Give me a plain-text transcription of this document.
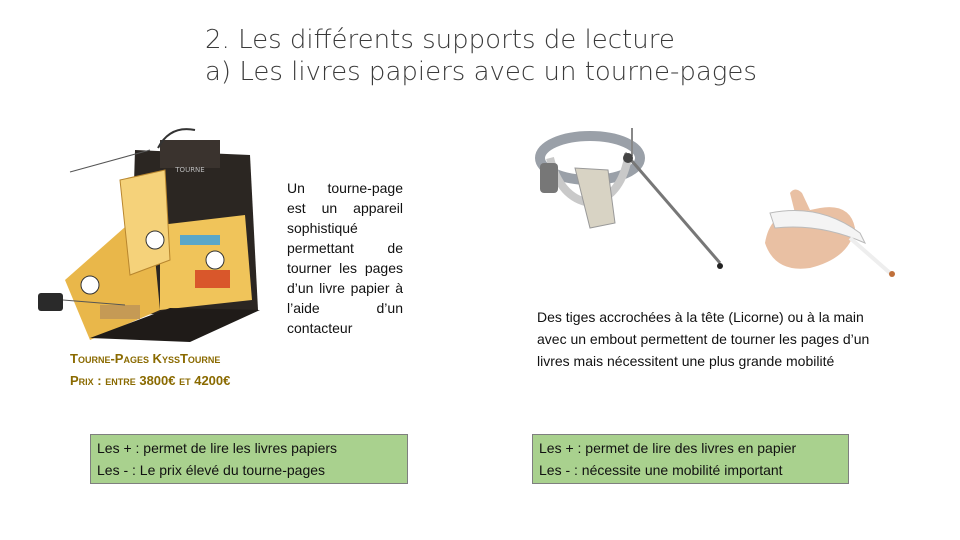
2. Les différents supports de lecture
a) Les livres papiers avec un tourne-pages
TOURNE
Tourne-Pages KyssTourne
Prix : entre 3800€ et 4200€
Un tourne-page est un appareil sophistiqué permettant de tourner les pages d’un livre papier à l’aide d’un contacteur
Des tiges accrochées à la tête (Licorne) ou à la main avec un embout permettent de tourner les pages d’un livres mais nécessitent une plus grande mobilité
Les + : permet de lire les livres papiers
Les - : Le prix élevé du tourne-pages
Les + : permet de lire des livres en papier
Les - : nécessite une mobilité important
